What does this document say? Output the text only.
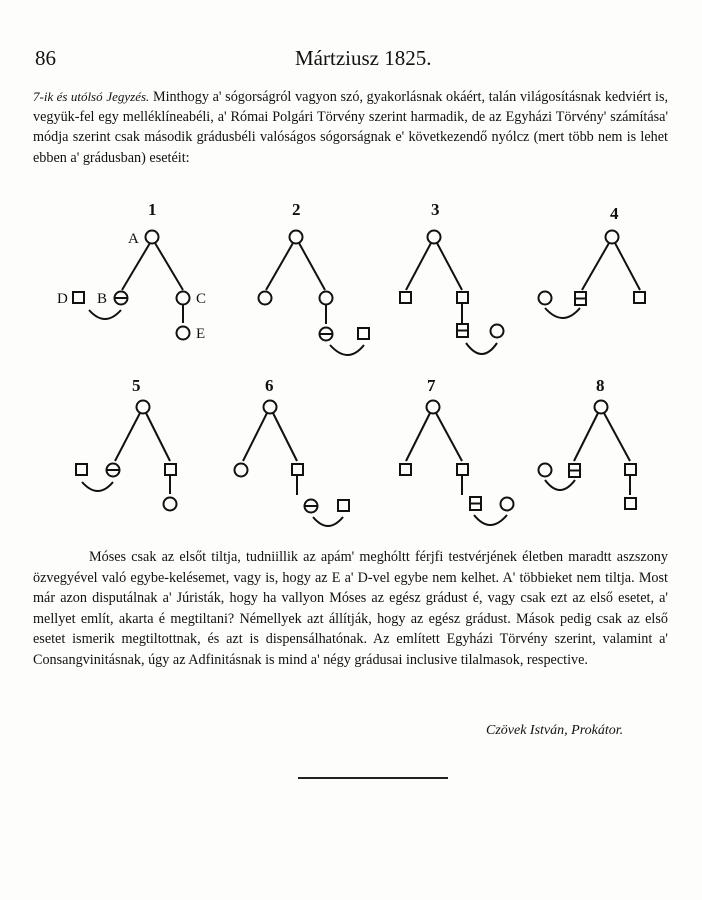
86	Mártziusz 1825.
7-ik és utólsó Jegyzés. Minthogy a' sógorságról vagyon szó, gyakorlásnak okáért, talán világosításnak kedviért is, vegyük-fel egy melléklíneabéli, a' Római Polgári Törvény szerint harmadik, de az Egyházi Törvény' számítása' módja szerint csak második grádusbéli valóságos sógorságnak e' következendő nyólcz (mert több nem is lehet ebben a' grádusban) esetéit:
1
A
D B	C
E
2	3	4
5	6	7	8
Móses csak az elsőt tiltja, tudniillik az apám' meghóltt férjfi testvérjének életben maradtt aszszony özvegyével való egybe-kelésemet, vagy is, hogy az E a' D-vel egybe nem kelhet. A' többieket nem tiltja. Most már azon disputálnak a' Júristák, hogy ha vallyon Móses az egész grádust é, vagy csak ezt az első esetet, a' mellyet említ, akarta é megtiltani? Némellyek azt állítják, hogy az egész grádust. Mások pedig csak az első esetet ismerik megtiltottnak, és azt is dispensálhatónak. Az említett Egyházi Törvény szerint, valamint a' Consangvinitásnak, úgy az Adfinitásnak is mind a' négy grádusai inclusive tilalmasok, respective.
Czövek István, Prokátor.
